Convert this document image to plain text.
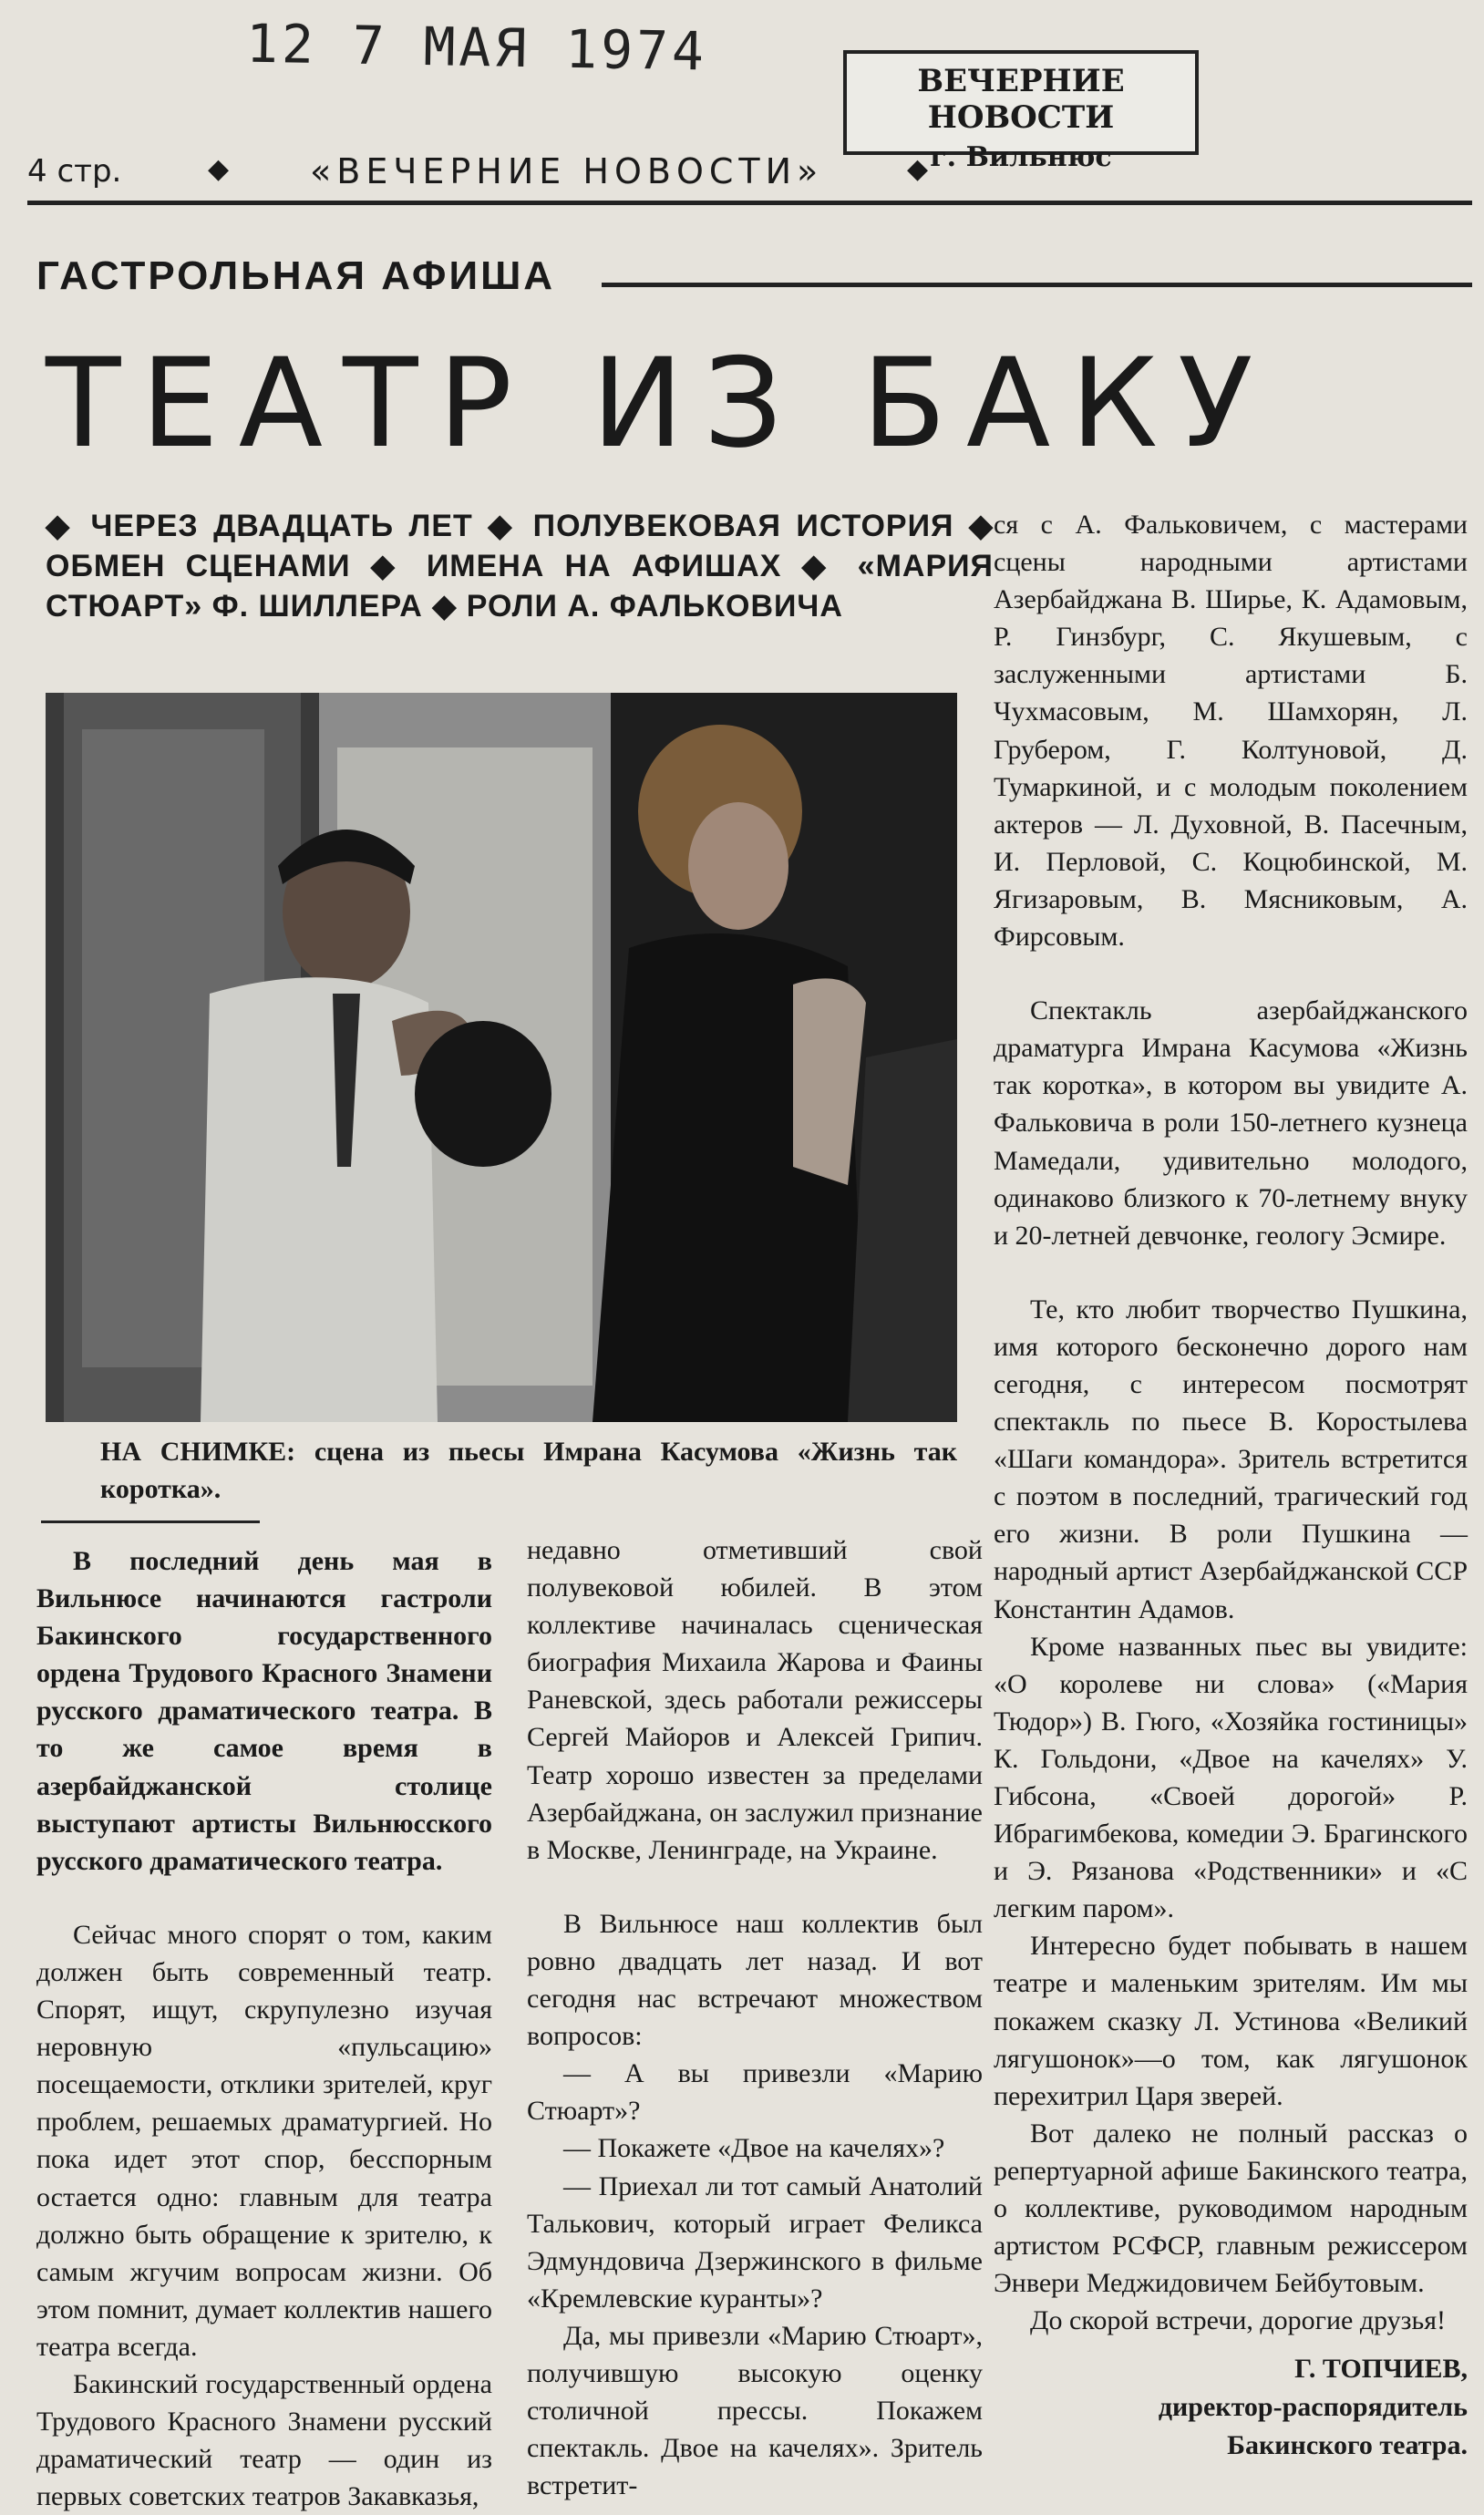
12 7 МАЯ 1974	ВЕЧЕРНИЕ НОВОСТИ
г. Вильнюс
4 стр.	◆ «ВЕЧЕРНИЕ НОВОСТИ»	◆
ГАСТРОЛЬНАЯ АФИША
ТЕАТР ИЗ БАКУ
◆ ЧЕРЕЗ ДВАДЦАТЬ ЛЕТ ◆ ПОЛУВЕКОВАЯ ИСТОРИЯ ◆ ОБМЕН СЦЕНАМИ ◆ ИМЕНА НА АФИШАХ ◆ «МАРИЯ СТЮАРТ» Ф. ШИЛЛЕРА ◆ РОЛИ А. ФАЛЬКОВИЧА
НА СНИМКЕ: сцена из пьесы Имрана Касумова «Жизнь так коротка».

ся с А. Фальковичем, с мастерами сцены народными артистами Азербайджана В. Ширье, К. Адамовым, Р. Гинзбург, С. Якушевым, с заслуженными артистами Б. Чухмасовым, М. Шамхорян, Л. Грубером, Г. Колтуновой, Д. Тумаркиной, и с молодым поколением актеров — Л. Духовной, В. Пасечным, И. Перловой, С. Коцюбинской, М. Ягизаровым, В. Мясниковым, А. Фирсовым.

Спектакль азербайджанского драматурга Имрана Касумова «Жизнь так коротка», в котором вы увидите А. Фальковича в роли 150-летнего кузнеца Мамедали, удивительно молодого, одинаково близкого к 70-летнему внуку и 20-летней девчонке, геологу Эсмире.

Те, кто любит творчество Пушкина, имя которого бесконечно дорого нам сегодня, с интересом посмотрят спектакль по пьесе В. Коростылева «Шаги командора». Зритель встретится с поэтом в последний, трагический год его жизни. В роли Пушкина — народный артист Азербайджанской ССР Константин Адамов.

Кроме названных пьес вы увидите: «О королеве ни слова» («Мария Тюдор») В. Гюго, «Хозяйка гостиницы» К. Гольдони, «Двое на качелях» У. Гибсона, «Своей дорогой» Р. Ибрагимбекова, комедии Э. Брагинского и Э. Рязанова «Родственники» и «С легким паром».

Интересно будет побывать в нашем театре и маленьким зрителям. Им мы покажем сказку Л. Устинова «Великий лягушонок»—о том, как лягушонок перехитрил Царя зверей.

Вот далеко не полный рассказ о репертуарной афише Бакинского театра, о коллективе, руководимом народным артистом РСФСР, главным режиссером Энвери Меджидовичем Бейбутовым.

До скорой встречи, дорогие друзья!

Г. ТОПЧИЕВ,
директор-распорядитель
Бакинского театра.

В последний день мая в Вильнюсе начинаются гастроли Бакинского государственного ордена Трудового Красного Знамени русского драматического театра. В то же самое время в азербайджанской столице выступают артисты Вильнюсского русского драматического театра.

Сейчас много спорят о том, каким должен быть современный театр. Спорят, ищут, скрупулезно изучая неровную «пульсацию» посещаемости, отклики зрителей, круг проблем, решаемых драматургией. Но пока идет этот спор, бесспорным остается одно: главным для театра должно быть обращение к зрителю, к самым жгучим вопросам жизни. Об этом помнит, думает коллектив нашего театра всегда.

Бакинский государственный ордена Трудового Красного Знамени русский драматический театр — один из первых советских театров Закавказья,

недавно отметивший свой полувековой юбилей. В этом коллективе начиналась сценическая биография Михаила Жарова и Фаины Раневской, здесь работали режиссеры Сергей Майоров и Алексей Грипич. Театр хорошо известен за пределами Азербайджана, он заслужил признание в Москве, Ленинграде, на Украине.

В Вильнюсе наш коллектив был ровно двадцать лет назад. И вот сегодня нас встречают множеством вопросов:

— А вы привезли «Марию Стюарт»?

— Покажете «Двое на качелях»?

— Приехал ли тот самый Анатолий Талькович, который играет Феликса Эдмундовича Дзержинского в фильме «Кремлевские куранты»?

Да, мы привезли «Марию Стюарт», получившую высокую оценку столичной прессы. Покажем спектакль. Двое на качелях». Зритель встретит-
